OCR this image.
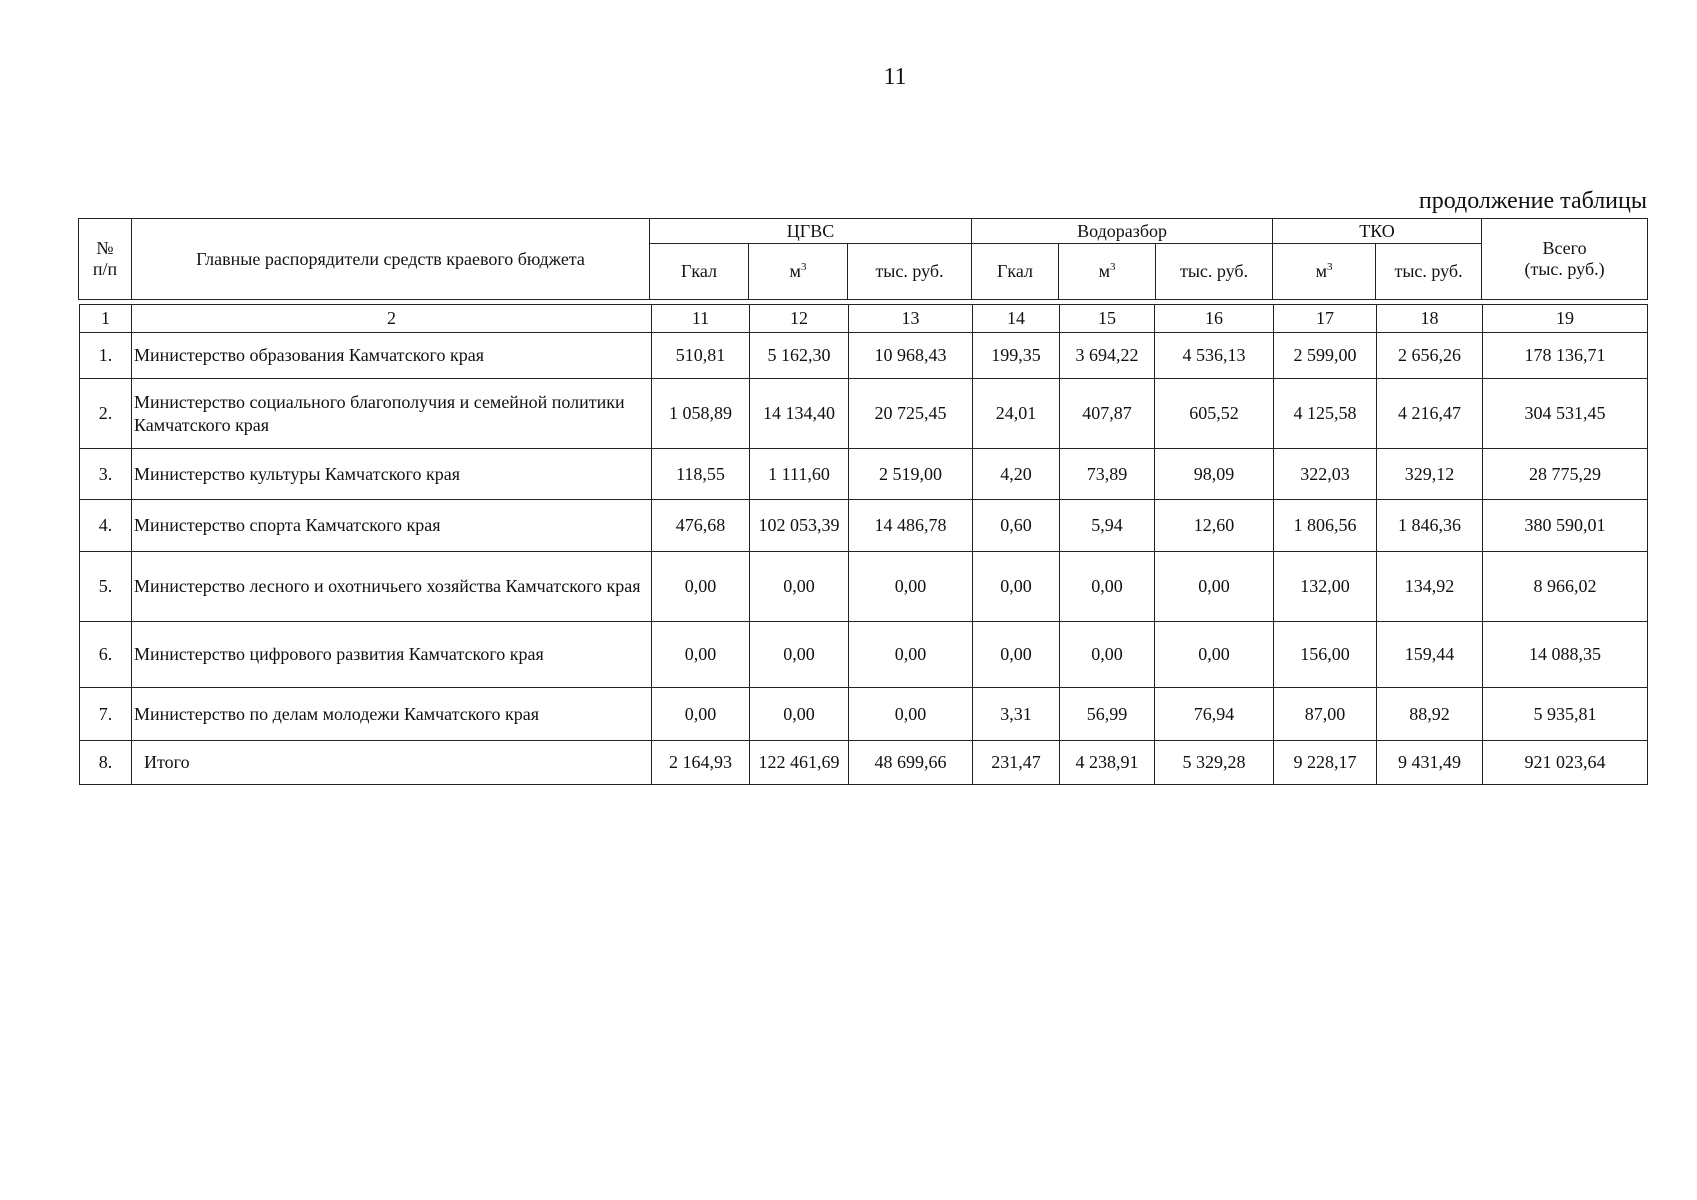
11
продолжение таблицы
№
п/п	Главные распорядители средств краевого бюджета	ЦГВС			Водоразбор			ТКО		Всего
(тыс. руб.)
		Гкал	$м^3$	тыс. руб.	Гкал	$м^3$	тыс. руб.	$м^3$	тыс. руб.	
1	2	11	12	13	14	15	16	17	18	19
1.	Министерство образования Камчатского края	510,81	5 162,30	10 968,43	199,35	3 694,22	4 536,13	2 599,00	2 656,26	178 136,71
2.	Министерство социального благополучия и семейной политики Камчатского края	1 058,89	14 134,40	20 725,45	24,01	407,87	605,52	4 125,58	4 216,47	304 531,45
3.	Министерство культуры Камчатского края	118,55	1 111,60	2 519,00	4,20	73,89	98,09	322,03	329,12	28 775,29
4.	Министерство спорта Камчатского края	476,68	102 053,39	14 486,78	0,60	5,94	12,60	1 806,56	1 846,36	380 590,01
5.	Министерство лесного и охотничьего хозяйства Камчатского края	0,00	0,00	0,00	0,00	0,00	0,00	132,00	134,92	8 966,02
6.	Министерство цифрового развития Камчатского края	0,00	0,00	0,00	0,00	0,00	0,00	156,00	159,44	14 088,35
7.	Министерство по делам молодежи Камчатского края	0,00	0,00	0,00	3,31	56,99	76,94	87,00	88,92	5 935,81
8.	Итого	2 164,93	122 461,69	48 699,66	231,47	4 238,91	5 329,28	9 228,17	9 431,49	921 023,64
